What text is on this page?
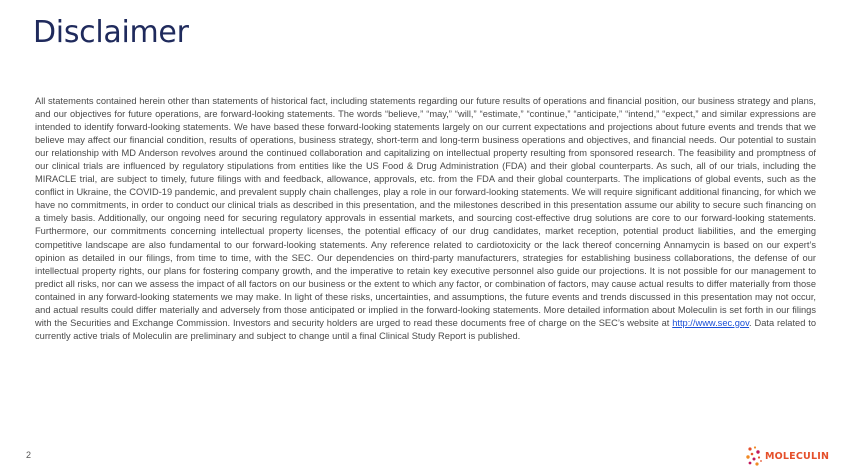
Disclaimer

All statements contained herein other than statements of historical fact, including statements regarding our future results of operations and financial position, our business strategy and plans, and our objectives for future operations, are forward-looking statements. The words “believe,” “may,” “will,” “estimate,” “continue,” “anticipate,” “intend,” “expect,” and similar expressions are intended to identify forward-looking statements. We have based these forward-looking statements largely on our current expectations and projections about future events and trends that we believe may affect our financial condition, results of operations, business strategy, short-term and long-term business operations and objectives, and financial needs. Our potential to sustain our relationship with MD Anderson revolves around the continued collaboration and capitalizing on intellectual property resulting from sponsored research. The feasibility and promptness of our clinical trials are influenced by regulatory stipulations from entities like the US Food & Drug Administration (FDA) and their global counterparts. As such, all of our trials, including the MIRACLE trial, are subject to timely, future filings with and feedback, allowance, approvals, etc. from the FDA and their global counterparts. The implications of global events, such as the conflict in Ukraine, the COVID-19 pandemic, and prevalent supply chain challenges, play a role in our forward-looking statements. We will require significant additional financing, for which we have no commitments, in order to conduct our clinical trials as described in this presentation, and the milestones described in this presentation assume our ability to secure such financing on a timely basis. Additionally, our ongoing need for securing regulatory approvals in essential markets, and sourcing cost-effective drug solutions are core to our forward-looking statements. Furthermore, our commitments concerning intellectual property licenses, the potential efficacy of our drug candidates, market reception, potential product liabilities, and the emerging competitive landscape are also fundamental to our forward-looking statements. Any reference related to cardiotoxicity or the lack thereof concerning Annamycin is based on our expert’s opinion as detailed in our filings, from time to time, with the SEC. Our dependencies on third-party manufacturers, strategies for establishing business collaborations, the defense of our intellectual property rights, our plans for fostering company growth, and the imperative to retain key executive personnel also guide our projections. It is not possible for our management to predict all risks, nor can we assess the impact of all factors on our business or the extent to which any factor, or combination of factors, may cause actual results to differ materially from those contained in any forward-looking statements we may make. In light of these risks, uncertainties, and assumptions, the future events and trends discussed in this presentation may not occur, and actual results could differ materially and adversely from those anticipated or implied in the forward-looking statements. More detailed information about Moleculin is set forth in our filings with the Securities and Exchange Commission. Investors and security holders are urged to read these documents free of charge on the SEC’s website at http://www.sec.gov. Data related to currently active trials of Moleculin are preliminary and subject to change until a final Clinical Study Report is published.

2	MOLECULIN
